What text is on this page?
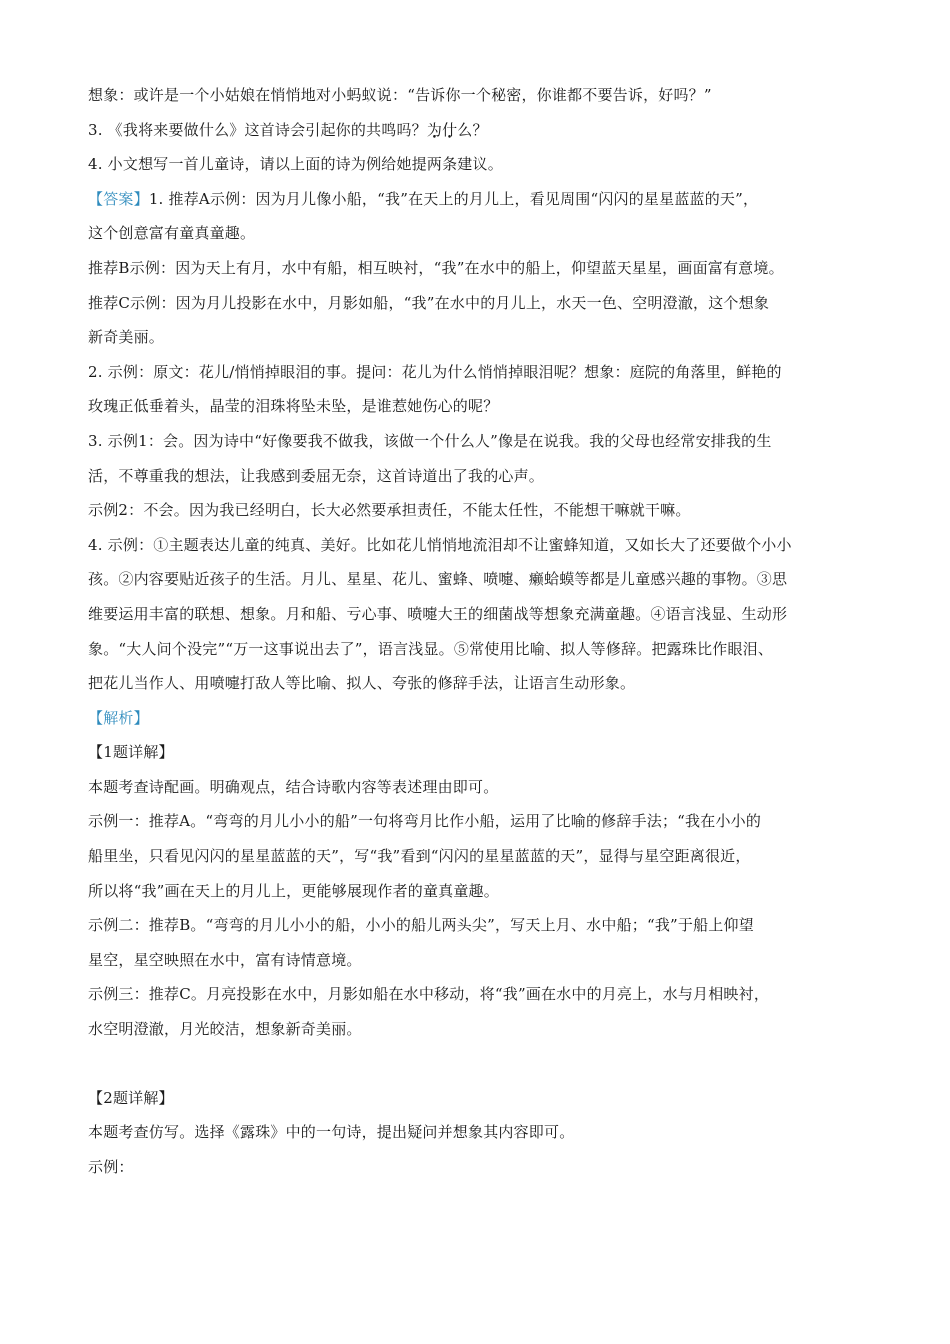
想象：或许是一个小姑娘在悄悄地对小蚂蚁说：“告诉你一个秘密，你谁都不要告诉，好吗？”
3. 《我将来要做什么》这首诗会引起你的共鸣吗？为什么？
4. 小文想写一首儿童诗，请以上面的诗为例给她提两条建议。
【答案】1. 推荐A示例：因为月儿像小船，“我”在天上的月儿上，看见周围“闪闪的星星蓝蓝的天”，
这个创意富有童真童趣。
推荐B示例：因为天上有月，水中有船，相互映衬，“我”在水中的船上，仰望蓝天星星，画面富有意境。
推荐C示例：因为月儿投影在水中，月影如船，“我”在水中的月儿上，水天一色、空明澄澈，这个想象
新奇美丽。
2. 示例：原文：花儿/悄悄掉眼泪的事。提问：花儿为什么悄悄掉眼泪呢？想象：庭院的角落里，鲜艳的
玫瑰正低垂着头，晶莹的泪珠将坠未坠，是谁惹她伤心的呢？
3. 示例1：会。因为诗中“好像要我不做我，该做一个什么人”像是在说我。我的父母也经常安排我的生
活，不尊重我的想法，让我感到委屈无奈，这首诗道出了我的心声。
示例2：不会。因为我已经明白，长大必然要承担责任，不能太任性，不能想干嘛就干嘛。
4. 示例：①主题表达儿童的纯真、美好。比如花儿悄悄地流泪却不让蜜蜂知道，又如长大了还要做个小小
孩。②内容要贴近孩子的生活。月儿、星星、花儿、蜜蜂、喷嚏、癞蛤蟆等都是儿童感兴趣的事物。③思
维要运用丰富的联想、想象。月和船、亏心事、喷嚏大王的细菌战等想象充满童趣。④语言浅显、生动形
象。“大人问个没完”“万一这事说出去了”，语言浅显。⑤常使用比喻、拟人等修辞。把露珠比作眼泪、
把花儿当作人、用喷嚏打敌人等比喻、拟人、夸张的修辞手法，让语言生动形象。
【解析】
【1题详解】
本题考查诗配画。明确观点，结合诗歌内容等表述理由即可。
示例一：推荐A。“弯弯的月儿小小的船”一句将弯月比作小船，运用了比喻的修辞手法；“我在小小的
船里坐，只看见闪闪的星星蓝蓝的天”，写“我”看到“闪闪的星星蓝蓝的天”，显得与星空距离很近，
所以将“我”画在天上的月儿上，更能够展现作者的童真童趣。
示例二：推荐B。“弯弯的月儿小小的船，小小的船儿两头尖”，写天上月、水中船；“我”于船上仰望
星空，星空映照在水中，富有诗情意境。
示例三：推荐C。月亮投影在水中，月影如船在水中移动，将“我”画在水中的月亮上，水与月相映衬，
水空明澄澈，月光皎洁，想象新奇美丽。
【2题详解】
本题考查仿写。选择《露珠》中的一句诗，提出疑问并想象其内容即可。
示例：
